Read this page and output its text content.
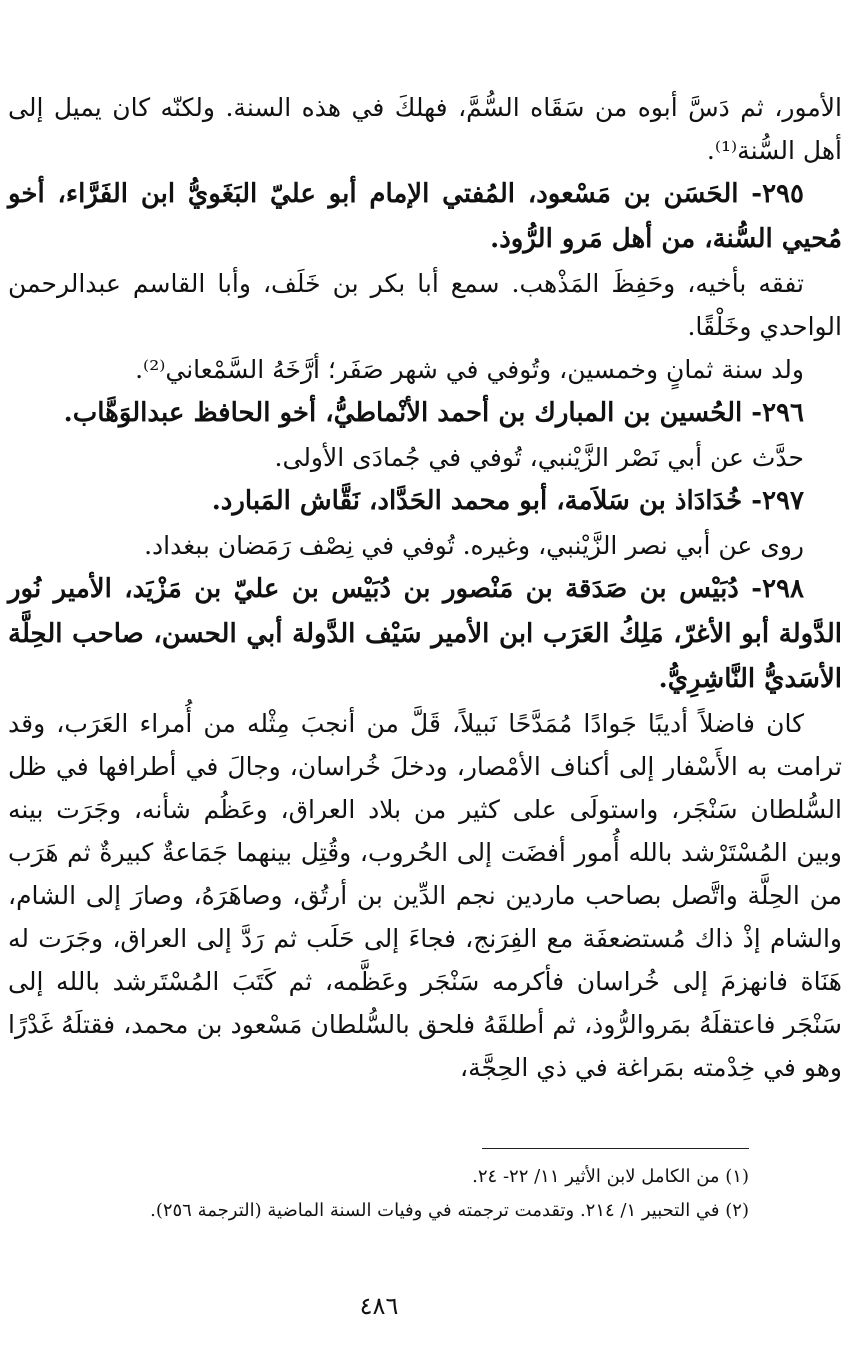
الأمور، ثم دَسَّ أبوه من سَقَاه السُّمَّ، فهلكَ في هذه السنة. ولكنّه كان يميل إلى أهل السُّنة⁽¹⁾.

٢٩٥- الحَسَن بن مَسْعود، المُفتي الإمام أبو عليّ البَغَويُّ ابن الفَرَّاء، أخو مُحيي السُّنة، من أهل مَرو الرُّوذ.

تفقه بأخيه، وحَفِظَ المَذْهب. سمع أبا بكر بن خَلَف، وأبا القاسم عبدالرحمن الواحدي وخَلْقًا.

ولد سنة ثمانٍ وخمسين، وتُوفي في شهر صَفَر؛ أرَّخَهُ السَّمْعاني⁽²⁾.

٢٩٦- الحُسين بن المبارك بن أحمد الأنْماطيُّ، أخو الحافظ عبدالوَهَّاب.

حدَّث عن أبي نَصْر الزَّيْنبي، تُوفي في جُمادَى الأولى.

٢٩٧- خُدَادَاذ بن سَلاَمة، أبو محمد الحَدَّاد، نَقَّاش المَبارد.

روى عن أبي نصر الزَّيْنبي، وغيره. تُوفي في نِصْف رَمَضان ببغداد.

٢٩٨- دُبَيْس بن صَدَقة بن مَنْصور بن دُبَيْس بن عليّ بن مَزْيَد، الأمير نُور الدَّولة أبو الأغرّ، مَلِكُ العَرَب ابن الأمير سَيْف الدَّولة أبي الحسن، صاحب الحِلَّة الأسَديُّ النَّاشِرِيُّ.

كان فاضلاً أديبًا جَوادًا مُمَدَّحًا نَبيلاً، قَلَّ من أنجبَ مِثْله من أُمراء العَرَب، وقد ترامت به الأَسْفار إلى أكناف الأمْصار، ودخلَ خُراسان، وجالَ في أطرافها في ظل السُّلطان سَنْجَر، واستولَى على كثير من بلاد العراق، وعَظُم شأنه، وجَرَت بينه وبين المُسْتَرْشد بالله أُمور أفضَت إلى الحُروب، وقُتِل بينهما جَمَاعةٌ كبيرةٌ ثم هَرَب من الحِلَّة واتَّصل بصاحب ماردين نجم الدِّين بن أرتُق، وصاهَرَهُ، وصارَ إلى الشام، والشام إذْ ذاك مُستضعفَة مع الفِرَنج، فجاءَ إلى حَلَب ثم رَدَّ إلى العراق، وجَرَت له هَنَاة فانهزمَ إلى خُراسان فأكرمه سَنْجَر وعَظَّمه، ثم كَتَبَ المُسْتَرشد بالله إلى سَنْجَر فاعتقلَهُ بمَروالرُّوذ، ثم أطلقَهُ فلحق بالسُّلطان مَسْعود بن محمد، فقتلَهُ غَدْرًا وهو في خِدْمته بمَراغة في ذي الحِجَّة،

(١) من الكامل لابن الأثير ١١/ ٢٢- ٢٤.
(٢) في التحبير ١/ ٢١٤. وتقدمت ترجمته في وفيات السنة الماضية (الترجمة ٢٥٦).
٤٨٦
